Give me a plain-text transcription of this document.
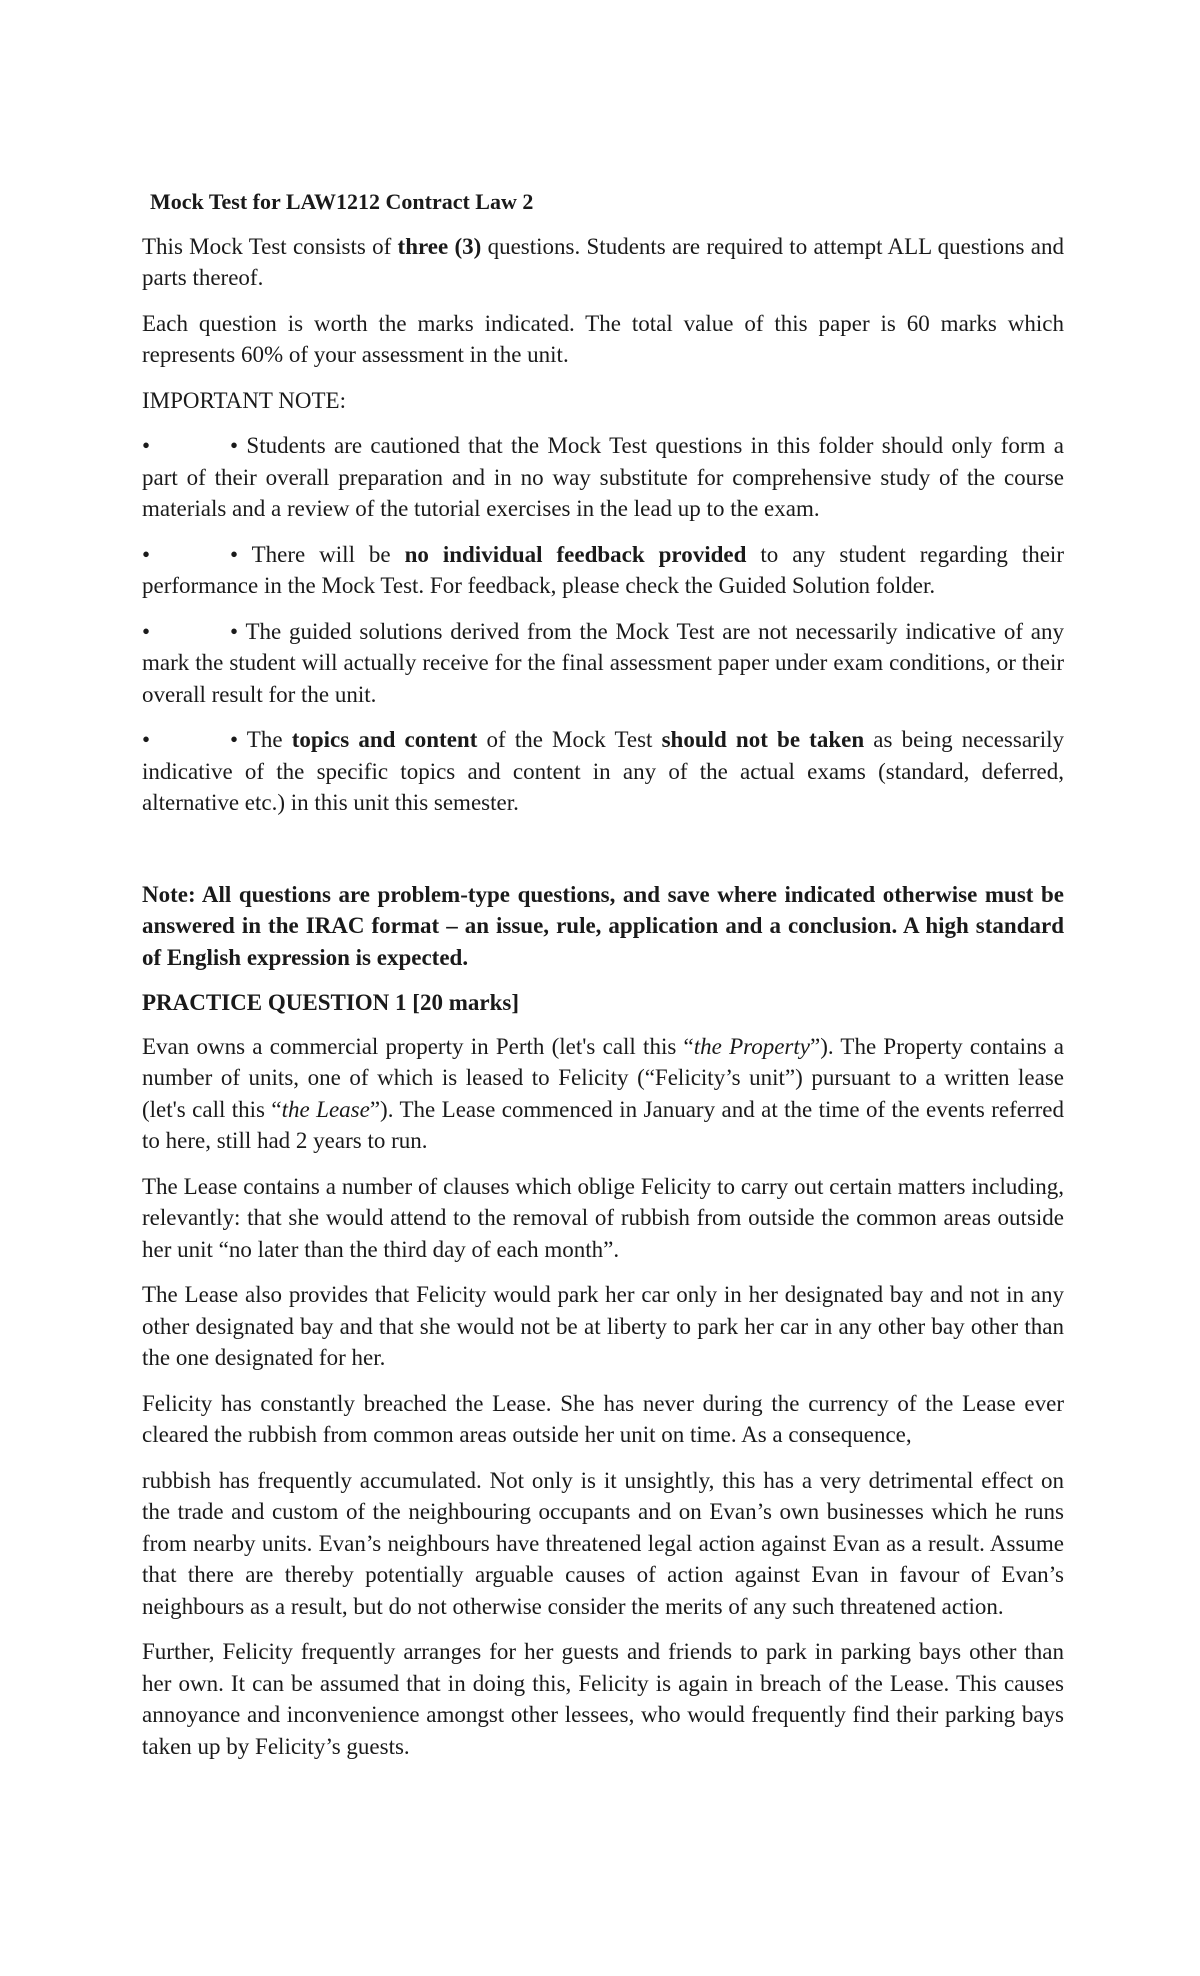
Mock Test for LAW1212 Contract Law 2

This Mock Test consists of three (3) questions. Students are required to attempt ALL questions and parts thereof.

Each question is worth the marks indicated. The total value of this paper is 60 marks which represents 60% of your assessment in the unit.

IMPORTANT NOTE:

•	• Students are cautioned that the Mock Test questions in this folder should only form a part of their overall preparation and in no way substitute for comprehensive study of the course materials and a review of the tutorial exercises in the lead up to the exam.

•	• There will be no individual feedback provided to any student regarding their performance in the Mock Test. For feedback, please check the Guided Solution folder.

•	• The guided solutions derived from the Mock Test are not necessarily indicative of any mark the student will actually receive for the final assessment paper under exam conditions, or their overall result for the unit.

•	• The topics and content of the Mock Test should not be taken as being necessarily indicative of the specific topics and content in any of the actual exams (standard, deferred, alternative etc.) in this unit this semester.

Note: All questions are problem-type questions, and save where indicated otherwise must be answered in the IRAC format – an issue, rule, application and a conclusion. A high standard of English expression is expected.

PRACTICE QUESTION 1 [20 marks]

Evan owns a commercial property in Perth (let's call this “the Property”). The Property contains a number of units, one of which is leased to Felicity (“Felicity’s unit”) pursuant to a written lease (let's call this “the Lease”). The Lease commenced in January and at the time of the events referred to here, still had 2 years to run.

The Lease contains a number of clauses which oblige Felicity to carry out certain matters including, relevantly: that she would attend to the removal of rubbish from outside the common areas outside her unit “no later than the third day of each month”.

The Lease also provides that Felicity would park her car only in her designated bay and not in any other designated bay and that she would not be at liberty to park her car in any other bay other than the one designated for her.

Felicity has constantly breached the Lease. She has never during the currency of the Lease ever cleared the rubbish from common areas outside her unit on time. As a consequence,

rubbish has frequently accumulated. Not only is it unsightly, this has a very detrimental effect on the trade and custom of the neighbouring occupants and on Evan’s own businesses which he runs from nearby units. Evan’s neighbours have threatened legal action against Evan as a result. Assume that there are thereby potentially arguable causes of action against Evan in favour of Evan’s neighbours as a result, but do not otherwise consider the merits of any such threatened action.

Further, Felicity frequently arranges for her guests and friends to park in parking bays other than her own. It can be assumed that in doing this, Felicity is again in breach of the Lease. This causes annoyance and inconvenience amongst other lessees, who would frequently find their parking bays taken up by Felicity’s guests.
